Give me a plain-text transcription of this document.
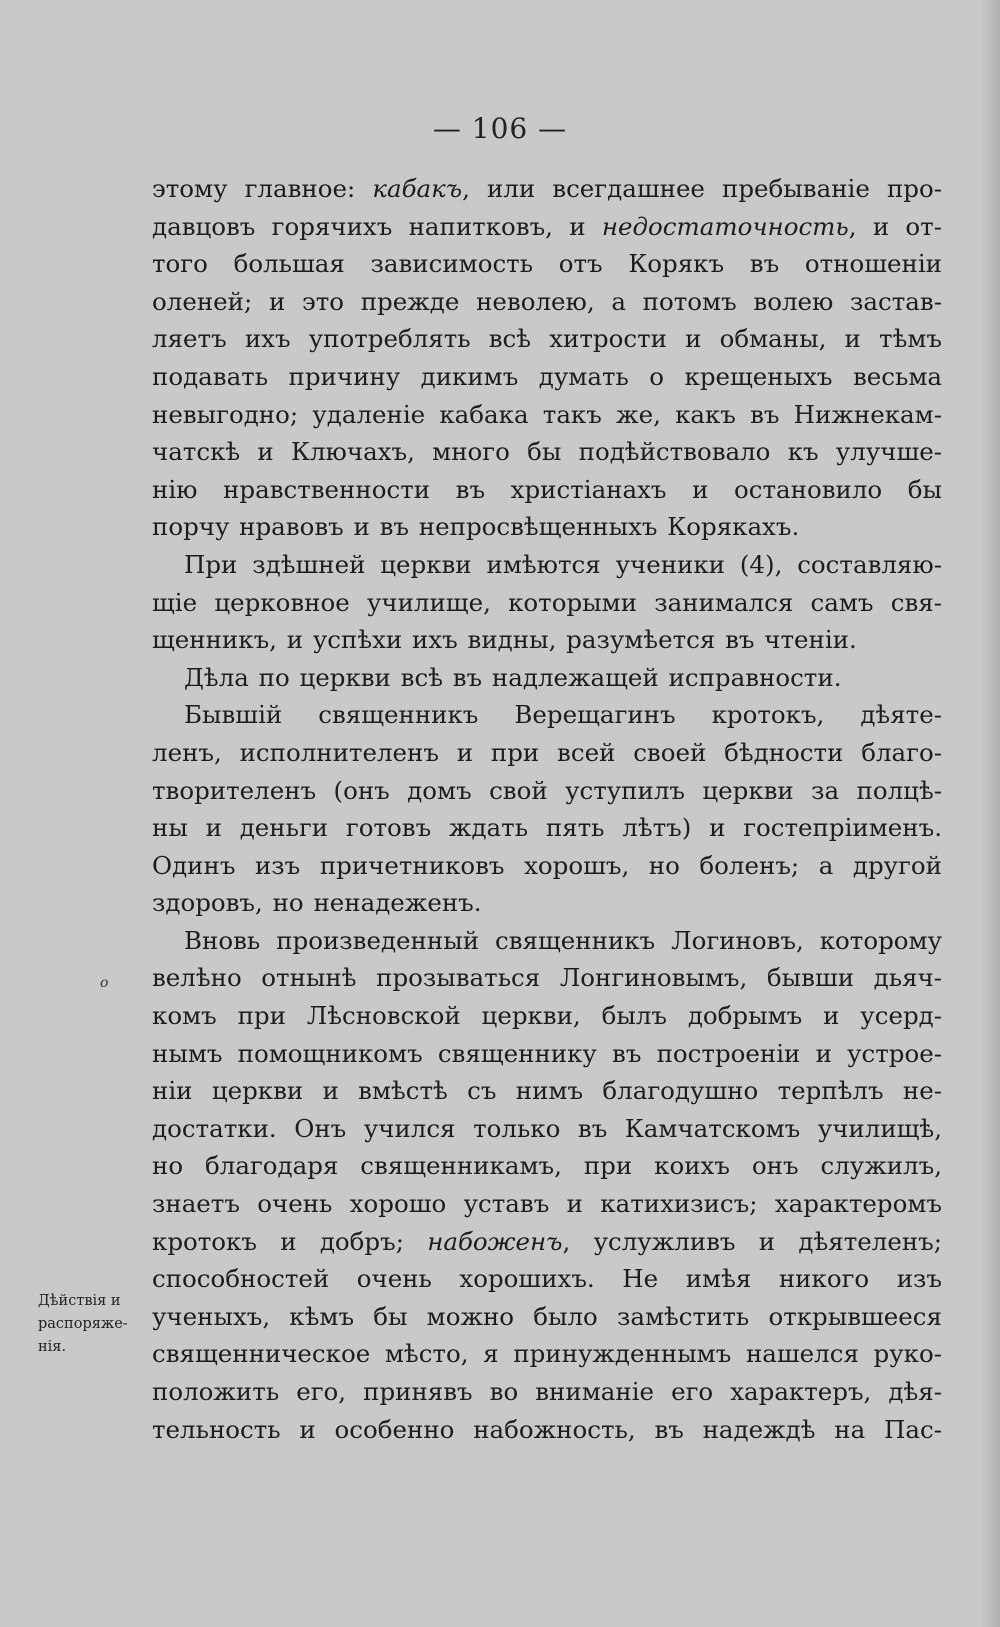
— 106 —
о
Дѣйствія и
распоряже-
нія.
этому главное: кабакъ, или всегдашнее пребываніе про-
давцовъ горячихъ напитковъ, и недостаточность, и от-
того большая зависимость отъ Корякъ въ отношеніи
оленей; и это прежде неволею, а потомъ волею застав-
ляетъ ихъ употреблять всѣ хитрости и обманы, и тѣмъ
подавать причину дикимъ думать о крещеныхъ весьма
невыгодно; удаленіе кабака такъ же, какъ въ Нижнекам-
чатскѣ и Ключахъ, много бы подѣйствовало къ улучше-
нію нравственности въ христіанахъ и остановило бы
порчу нравовъ и въ непросвѣщенныхъ Корякахъ.
При здѣшней церкви имѣются ученики (4), составляю-
щіе церковное училище, которыми занимался самъ свя-
щенникъ, и успѣхи ихъ видны, разумѣется въ чтеніи.
Дѣла по церкви всѣ въ надлежащей исправности.
Бывшій священникъ Верещагинъ кротокъ, дѣяте-
ленъ, исполнителенъ и при всей своей бѣдности благо-
творителенъ (онъ домъ свой уступилъ церкви за полцѣ-
ны и деньги готовъ ждать пять лѣтъ) и гостепріименъ.
Одинъ изъ причетниковъ хорошъ, но боленъ; а другой
здоровъ, но ненадеженъ.
Вновь произведенный священникъ Логиновъ, которому
велѣно отнынѣ прозываться Лонгиновымъ, бывши дьяч-
комъ при Лѣсновской церкви, былъ добрымъ и усерд-
нымъ помощникомъ священнику въ построеніи и устрое-
ніи церкви и вмѣстѣ съ нимъ благодушно терпѣлъ не-
достатки. Онъ учился только въ Камчатскомъ училищѣ,
но благодаря священникамъ, при коихъ онъ служилъ,
знаетъ очень хорошо уставъ и катихизисъ; характеромъ
кротокъ и добръ; набоженъ, услужливъ и дѣятеленъ;
способностей очень хорошихъ. Не имѣя никого изъ
ученыхъ, кѣмъ бы можно было замѣстить открывшееся
священническое мѣсто, я принужденнымъ нашелся руко-
положить его, принявъ во вниманіе его характеръ, дѣя-
тельность и особенно набожность, въ надеждѣ на Пас-
